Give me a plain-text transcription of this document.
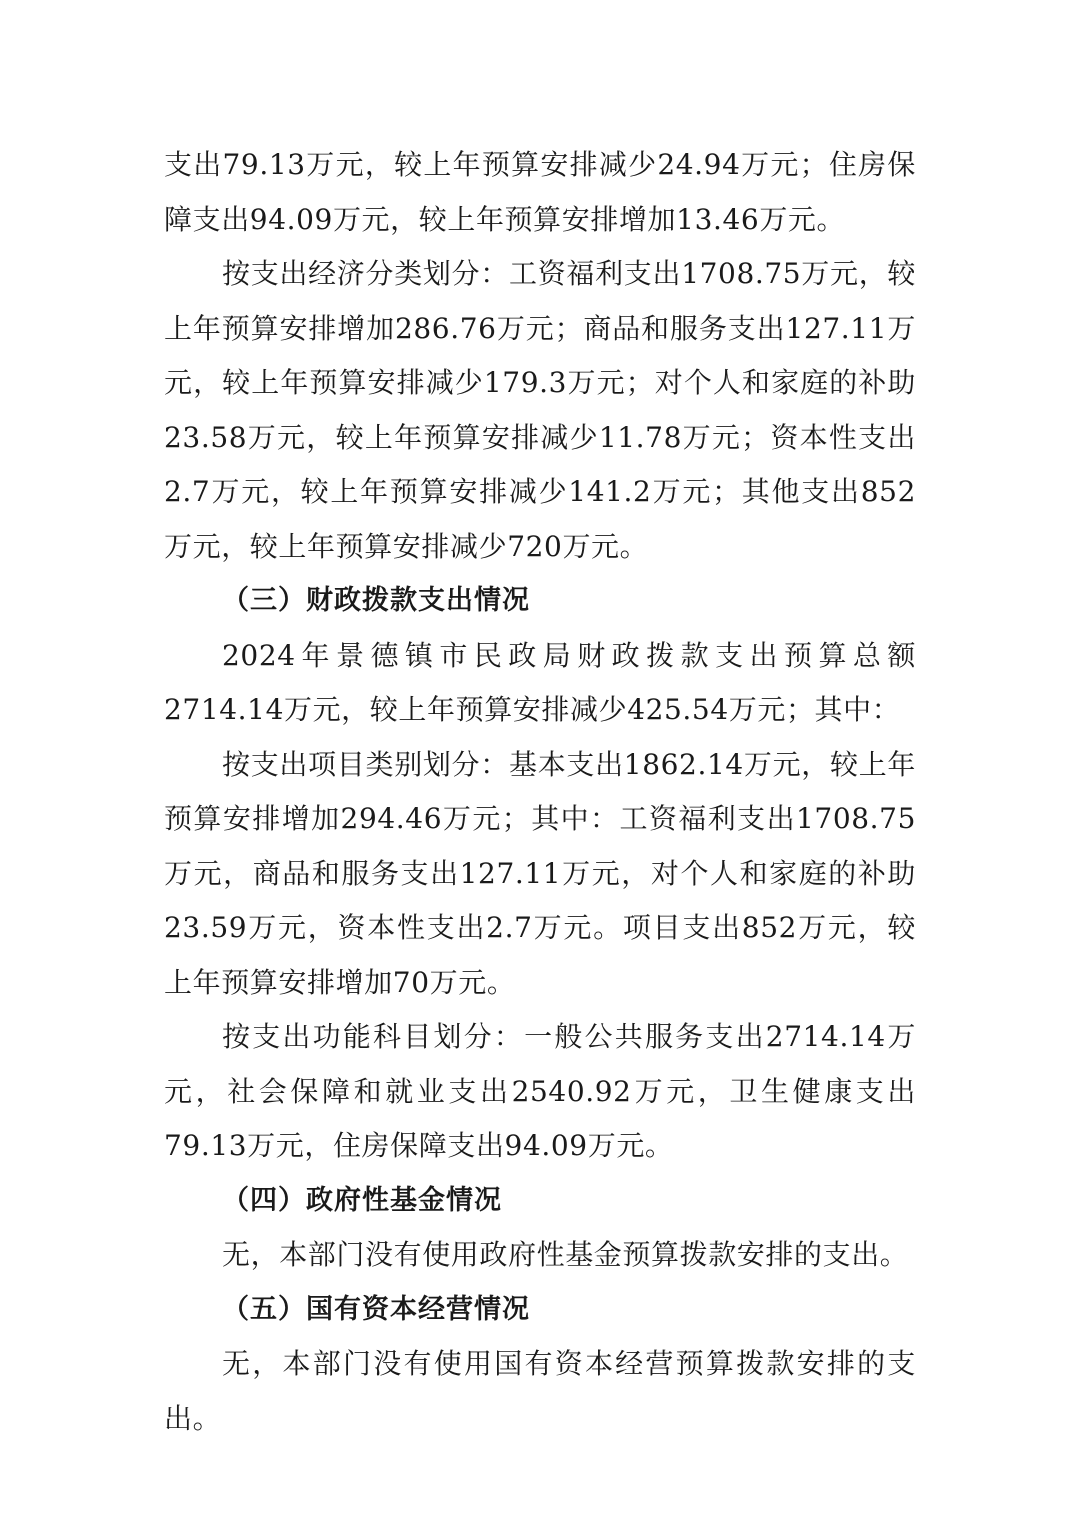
支出79.13万元，较上年预算安排减少24.94万元；住房保障支出94.09万元，较上年预算安排增加13.46万元。

按支出经济分类划分：工资福利支出1708.75万元，较上年预算安排增加286.76万元；商品和服务支出127.11万元，较上年预算安排减少179.3万元；对个人和家庭的补助23.58万元，较上年预算安排减少11.78万元；资本性支出2.7万元，较上年预算安排减少141.2万元；其他支出852万元，较上年预算安排减少720万元。

（三）财政拨款支出情况

2024年景德镇市民政局财政拨款支出预算总额2714.14万元，较上年预算安排减少425.54万元；其中：

按支出项目类别划分：基本支出1862.14万元，较上年预算安排增加294.46万元；其中：工资福利支出1708.75万元，商品和服务支出127.11万元，对个人和家庭的补助23.59万元，资本性支出2.7万元。项目支出852万元，较上年预算安排增加70万元。

按支出功能科目划分：一般公共服务支出2714.14万元，社会保障和就业支出2540.92万元，卫生健康支出79.13万元，住房保障支出94.09万元。

（四）政府性基金情况

无，本部门没有使用政府性基金预算拨款安排的支出。

（五）国有资本经营情况

无，本部门没有使用国有资本经营预算拨款安排的支出。
